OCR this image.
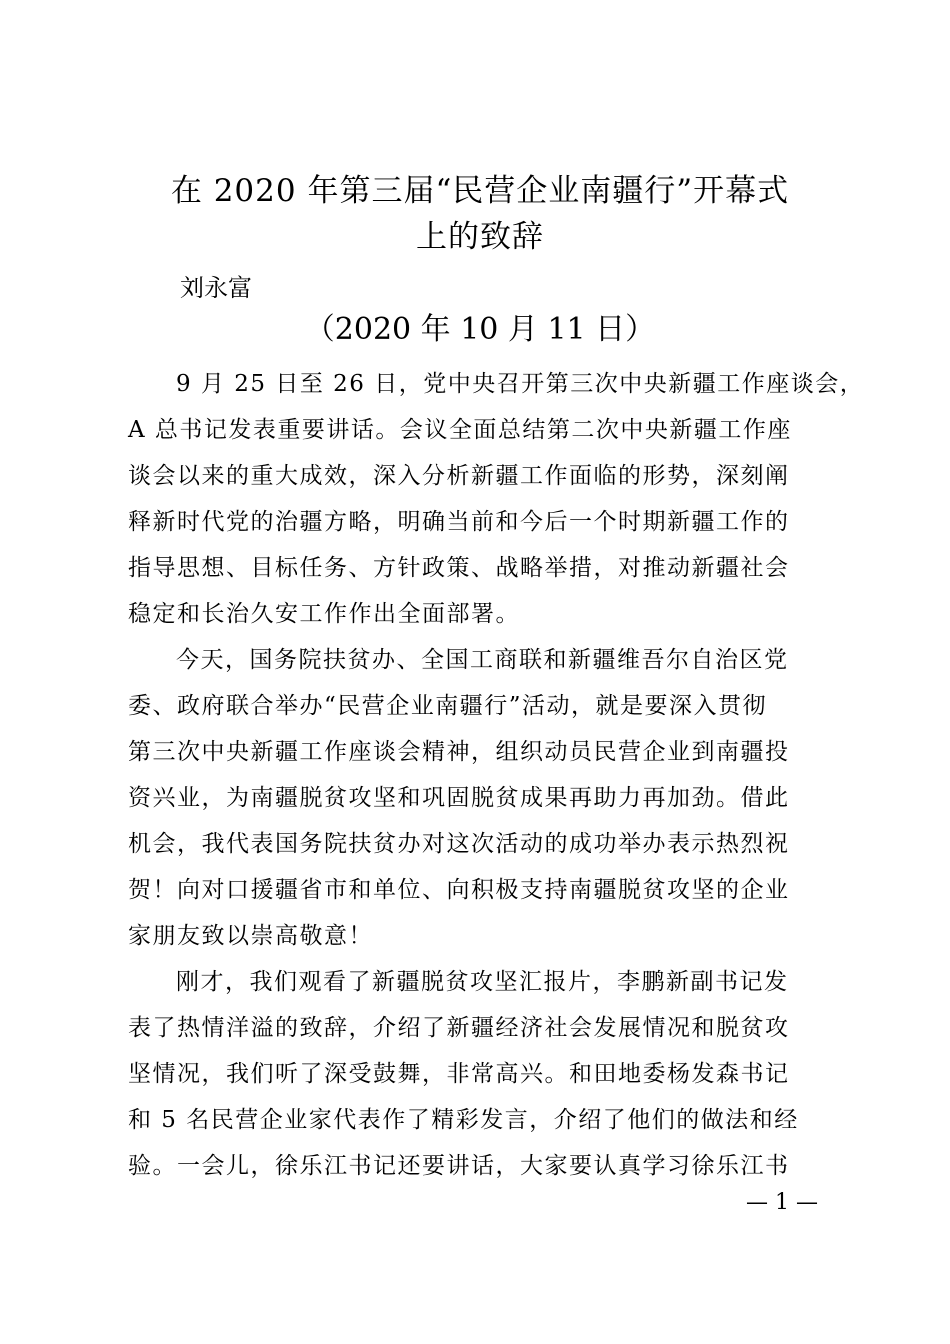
在 2020 年第三届“民营企业南疆行”开幕式
上的致辞
刘永富
（2020 年 10 月 11 日）
9 月 25 日至 26 日，党中央召开第三次中央新疆工作座谈会，
A 总书记发表重要讲话。会议全面总结第二次中央新疆工作座
谈会以来的重大成效，深入分析新疆工作面临的形势，深刻阐
释新时代党的治疆方略，明确当前和今后一个时期新疆工作的
指导思想、目标任务、方针政策、战略举措，对推动新疆社会
稳定和长治久安工作作出全面部署。
今天，国务院扶贫办、全国工商联和新疆维吾尔自治区党
委、政府联合举办“民营企业南疆行”活动，就是要深入贯彻
第三次中央新疆工作座谈会精神，组织动员民营企业到南疆投
资兴业，为南疆脱贫攻坚和巩固脱贫成果再助力再加劲。借此
机会，我代表国务院扶贫办对这次活动的成功举办表示热烈祝
贺！向对口援疆省市和单位、向积极支持南疆脱贫攻坚的企业
家朋友致以崇高敬意！
刚才，我们观看了新疆脱贫攻坚汇报片，李鹏新副书记发
表了热情洋溢的致辞，介绍了新疆经济社会发展情况和脱贫攻
坚情况，我们听了深受鼓舞，非常高兴。和田地委杨发森书记
和 5 名民营企业家代表作了精彩发言，介绍了他们的做法和经
验。一会儿，徐乐江书记还要讲话，大家要认真学习徐乐江书
— 1 —
